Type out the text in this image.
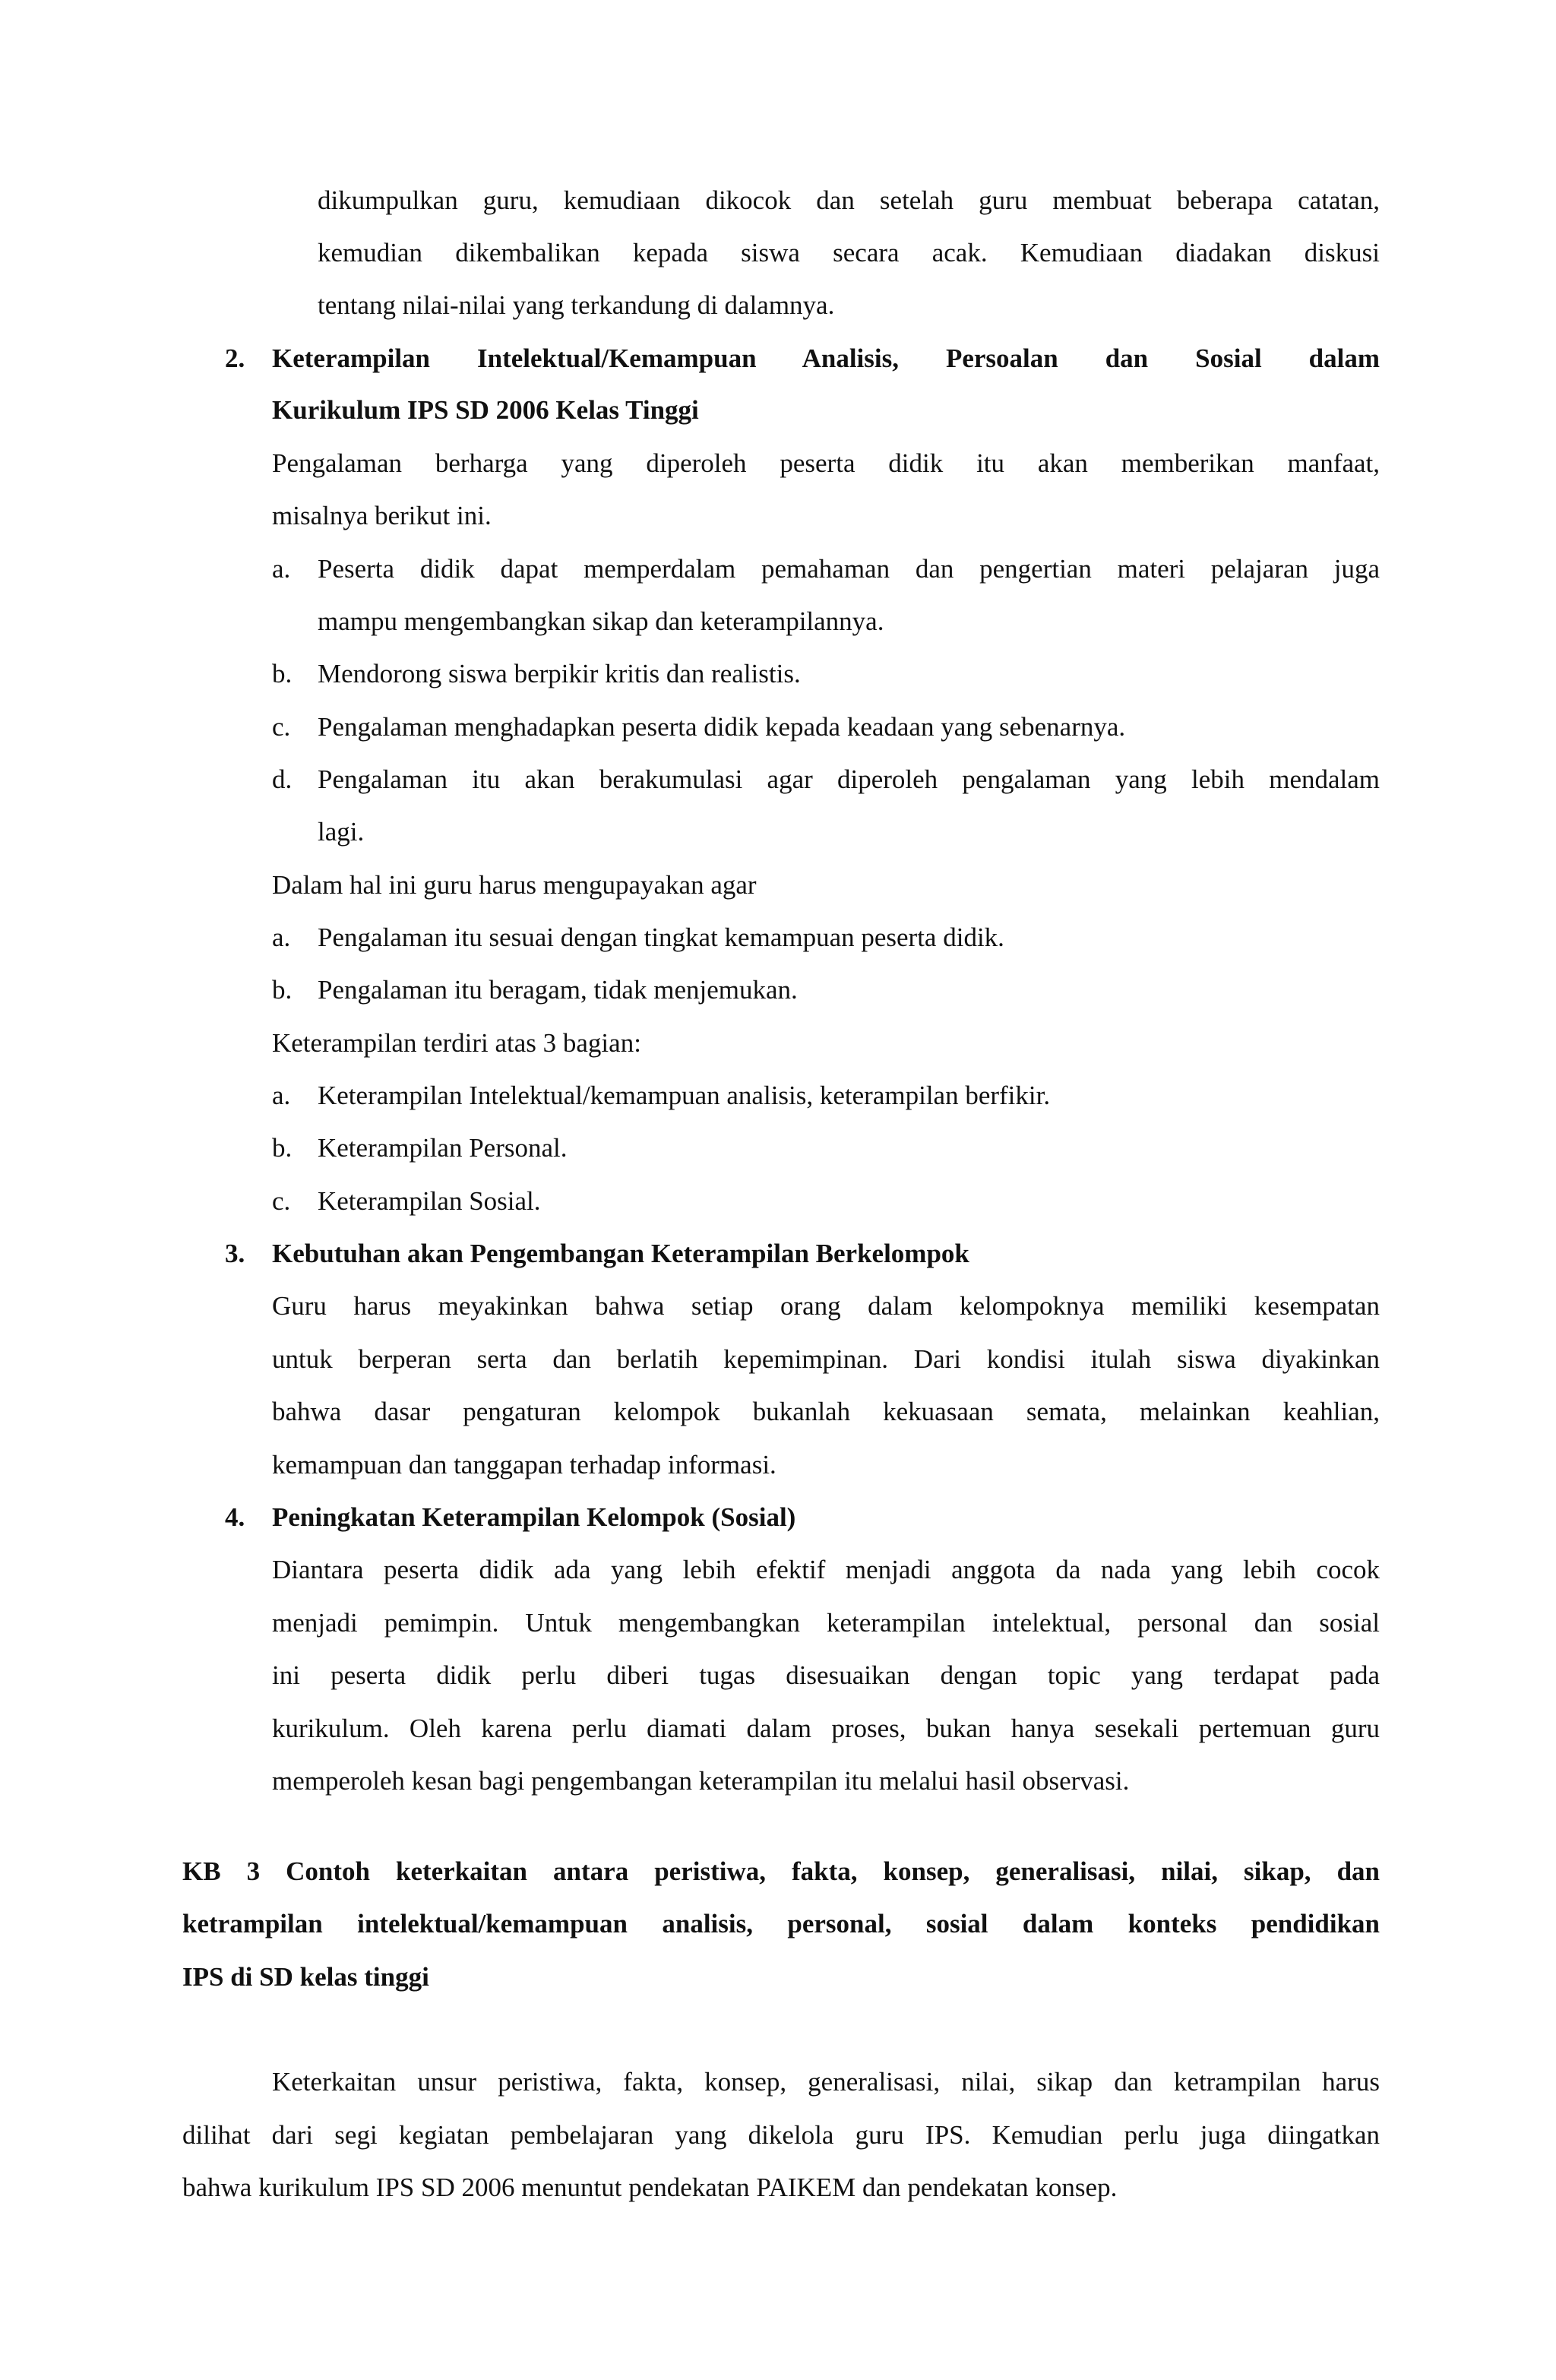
dikumpulkan guru, kemudiaan dikocok dan setelah guru membuat beberapa catatan,
kemudian dikembalikan kepada siswa secara acak. Kemudiaan diadakan diskusi
tentang nilai-nilai yang terkandung di dalamnya.
2. Keterampilan Intelektual/Kemampuan Analisis, Persoalan dan Sosial dalam
Kurikulum IPS SD 2006 Kelas Tinggi
Pengalaman berharga yang diperoleh peserta didik itu akan memberikan manfaat,
misalnya berikut ini.
a. Peserta didik dapat memperdalam pemahaman dan pengertian materi pelajaran juga
mampu mengembangkan sikap dan keterampilannya.
b. Mendorong siswa berpikir kritis dan realistis.
c. Pengalaman menghadapkan peserta didik kepada keadaan yang sebenarnya.
d. Pengalaman itu akan berakumulasi agar diperoleh pengalaman yang lebih mendalam
lagi.
Dalam hal ini guru harus mengupayakan agar
a. Pengalaman itu sesuai dengan tingkat kemampuan peserta didik.
b. Pengalaman itu beragam, tidak menjemukan.
Keterampilan terdiri atas 3 bagian:
a. Keterampilan Intelektual/kemampuan analisis, keterampilan berfikir.
b. Keterampilan Personal.
c. Keterampilan Sosial.
3. Kebutuhan akan Pengembangan Keterampilan Berkelompok
Guru harus meyakinkan bahwa setiap orang dalam kelompoknya memiliki kesempatan
untuk berperan serta dan berlatih kepemimpinan. Dari kondisi itulah siswa diyakinkan
bahwa dasar pengaturan kelompok bukanlah kekuasaan semata, melainkan keahlian,
kemampuan dan tanggapan terhadap informasi.
4. Peningkatan Keterampilan Kelompok (Sosial)
Diantara peserta didik ada yang lebih efektif menjadi anggota da nada yang lebih cocok
menjadi pemimpin. Untuk mengembangkan keterampilan intelektual, personal dan sosial
ini peserta didik perlu diberi tugas disesuaikan dengan topic yang terdapat pada
kurikulum. Oleh karena perlu diamati dalam proses, bukan hanya sesekali pertemuan guru
memperoleh kesan bagi pengembangan keterampilan itu melalui hasil observasi.
KB 3 Contoh keterkaitan antara peristiwa, fakta, konsep, generalisasi, nilai, sikap, dan
ketrampilan intelektual/kemampuan analisis, personal, sosial dalam konteks pendidikan
IPS di SD kelas tinggi
Keterkaitan unsur peristiwa, fakta, konsep, generalisasi, nilai, sikap dan ketrampilan harus
dilihat dari segi kegiatan pembelajaran yang dikelola guru IPS. Kemudian perlu juga diingatkan
bahwa kurikulum IPS SD 2006 menuntut pendekatan PAIKEM dan pendekatan konsep.
